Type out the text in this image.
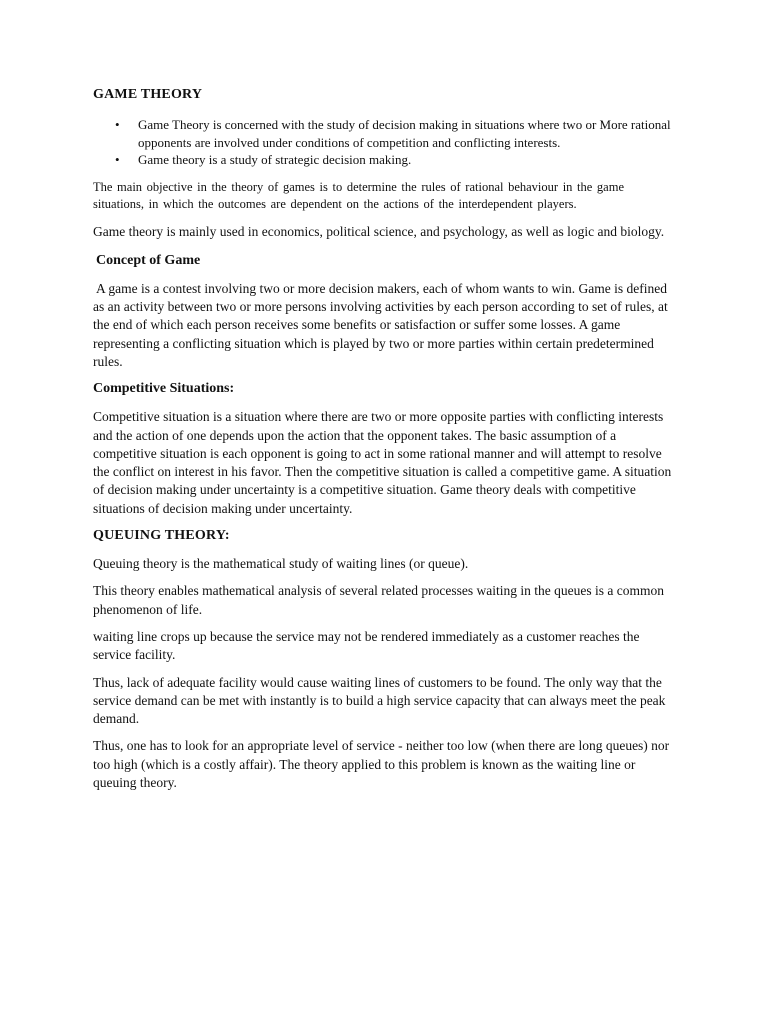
GAME THEORY
• Game Theory is concerned with the study of decision making in situations where two or More rational opponents are involved under conditions of competition and conflicting interests.
• Game theory is a study of strategic decision making.

The main objective in the theory of games is to determine the rules of rational behaviour in the game situations, in which the outcomes are dependent on the actions of the interdependent players.

Game theory is mainly used in economics, political science, and psychology, as well as logic and biology.

Concept of Game

A game is a contest involving two or more decision makers, each of whom wants to win. Game is defined as an activity between two or more persons involving activities by each person according to set of rules, at the end of which each person receives some benefits or satisfaction or suffer some losses. A game representing a conflicting situation which is played by two or more parties within certain predetermined rules.

Competitive Situations:

Competitive situation is a situation where there are two or more opposite parties with conflicting interests and the action of one depends upon the action that the opponent takes. The basic assumption of a competitive situation is each opponent is going to act in some rational manner and will attempt to resolve the conflict on interest in his favor. Then the competitive situation is called a competitive game. A situation of decision making under uncertainty is a competitive situation. Game theory deals with competitive situations of decision making under uncertainty.

QUEUING THEORY:

Queuing theory is the mathematical study of waiting lines (or queue).

This theory enables mathematical analysis of several related processes waiting in the queues is a common phenomenon of life.

waiting line crops up because the service may not be rendered immediately as a customer reaches the service facility.

Thus, lack of adequate facility would cause waiting lines of customers to be found. The only way that the service demand can be met with instantly is to build a high service capacity that can always meet the peak demand.

Thus, one has to look for an appropriate level of service - neither too low (when there are long queues) nor too high (which is a costly affair). The theory applied to this problem is known as the waiting line or queuing theory.
